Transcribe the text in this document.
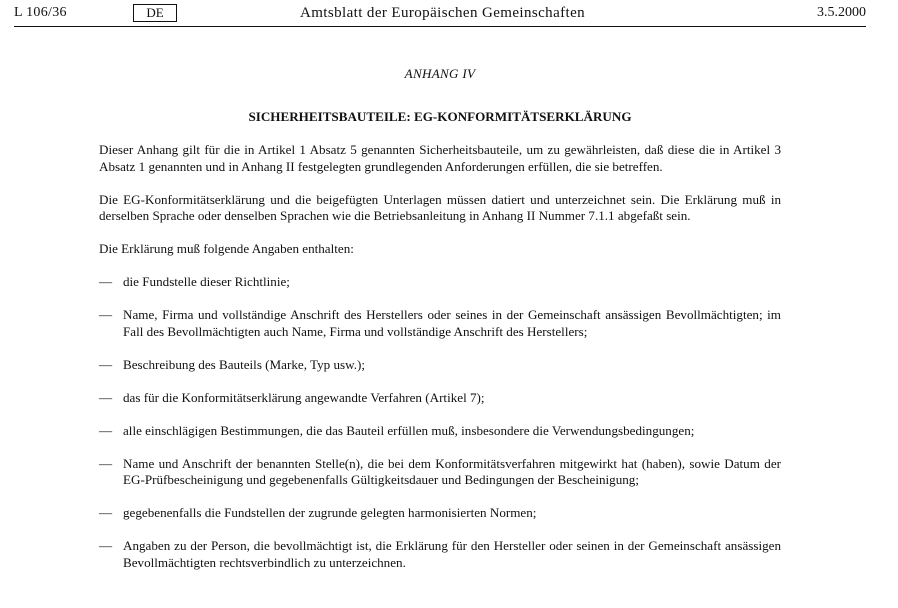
L 106/36	DE	Amtsblatt der Europäischen Gemeinschaften	3.5.2000
ANHANG IV
SICHERHEITSBAUTEILE: EG-KONFORMITÄTSERKLÄRUNG

Dieser Anhang gilt für die in Artikel 1 Absatz 5 genannten Sicherheitsbauteile, um zu gewährleisten, daß diese die in Artikel 3 Absatz 1 genannten und in Anhang II festgelegten grundlegenden Anforderungen erfüllen, die sie betreffen.

Die EG-Konformitätserklärung und die beigefügten Unterlagen müssen datiert und unterzeichnet sein. Die Erklärung muß in derselben Sprache oder denselben Sprachen wie die Betriebsanleitung in Anhang II Nummer 7.1.1 abgefaßt sein.

Die Erklärung muß folgende Angaben enthalten:

— die Fundstelle dieser Richtlinie;
— Name, Firma und vollständige Anschrift des Herstellers oder seines in der Gemeinschaft ansässigen Bevollmächtigten; im Fall des Bevollmächtigten auch Name, Firma und vollständige Anschrift des Herstellers;
— Beschreibung des Bauteils (Marke, Typ usw.);
— das für die Konformitätserklärung angewandte Verfahren (Artikel 7);
— alle einschlägigen Bestimmungen, die das Bauteil erfüllen muß, insbesondere die Verwendungsbedingungen;
— Name und Anschrift der benannten Stelle(n), die bei dem Konformitätsverfahren mitgewirkt hat (haben), sowie Datum der EG-Prüfbescheinigung und gegebenenfalls Gültigkeitsdauer und Bedingungen der Bescheinigung;
— gegebenenfalls die Fundstellen der zugrunde gelegten harmonisierten Normen;
— Angaben zu der Person, die bevollmächtigt ist, die Erklärung für den Hersteller oder seinen in der Gemeinschaft ansässigen Bevollmächtigten rechtsverbindlich zu unterzeichnen.
